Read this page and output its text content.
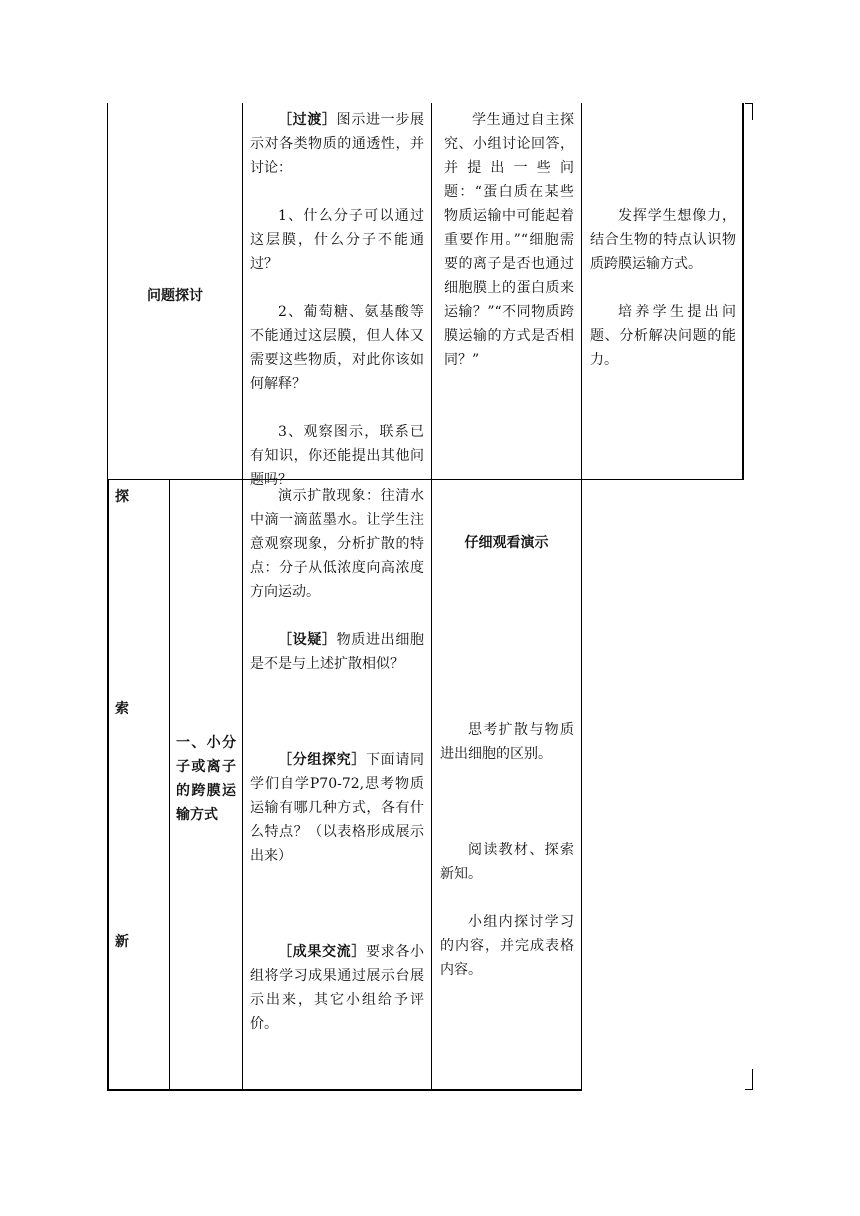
问题探讨

［过渡］图示进一步展示对各类物质的通透性，并讨论：

1、什么分子可以通过这层膜，什么分子不能通过？

2、葡萄糖、氨基酸等不能通过这层膜，但人体又需要这些物质，对此你该如何解释？

3、观察图示，联系已有知识，你还能提出其他问题吗？

学生通过自主探究、小组讨论回答，并提出一些问题：“蛋白质在某些物质运输中可能起着重要作用。”“细胞需要的离子是否也通过细胞膜上的蛋白质来运输？”“不同物质跨膜运输的方式是否相同？”

发挥学生想像力，结合生物的特点认识物质跨膜运输方式。

培养学生提出问题、分析解决问题的能力。

探
索
新
一、小分子或离子的跨膜运输方式

演示扩散现象：往清水中滴一滴蓝墨水。让学生注意观察现象，分析扩散的特点：分子从低浓度向高浓度方向运动。

［设疑］物质进出细胞是不是与上述扩散相似？

［分组探究］下面请同学们自学P70-72,思考物质运输有哪几种方式，各有什么特点？（以表格形成展示出来）

［成果交流］要求各小组将学习成果通过展示台展示出来，其它小组给予评价。

仔细观看演示

思考扩散与物质进出细胞的区别。

阅读教材、探索新知。

小组内探讨学习的内容，并完成表格内容。
